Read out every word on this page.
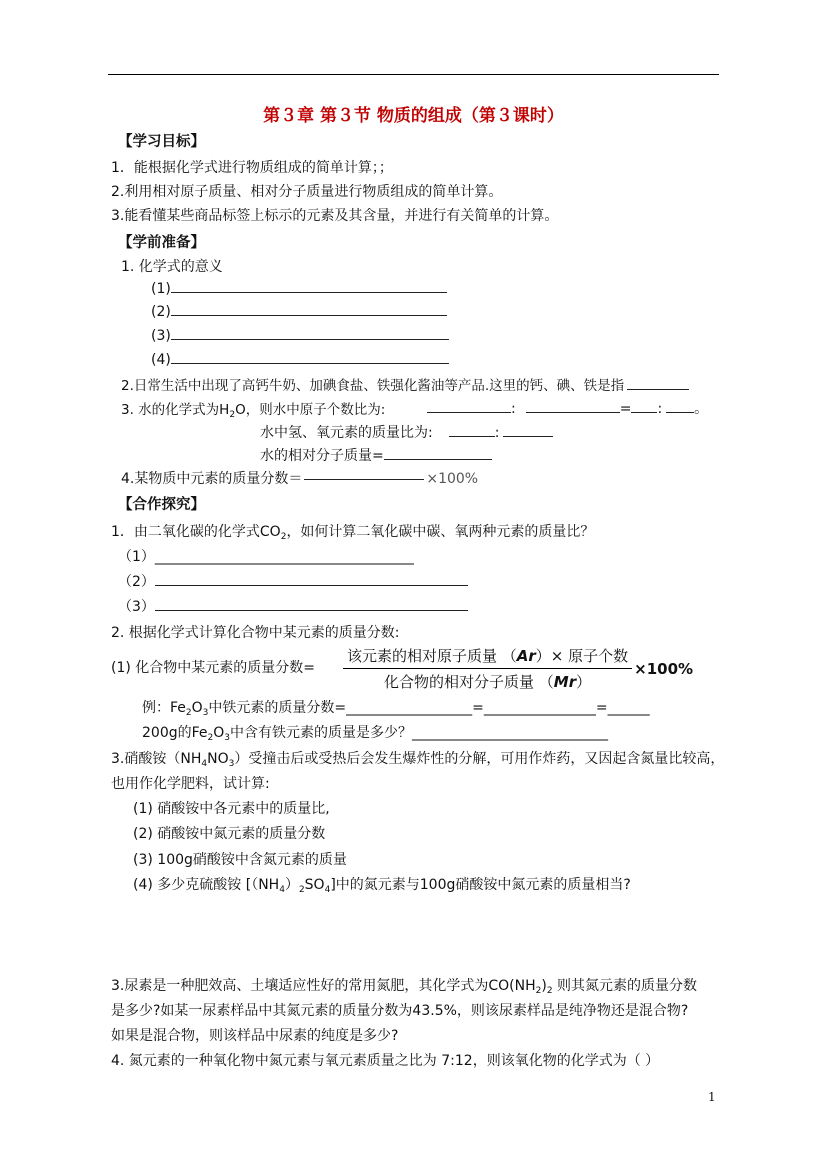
第３章 第３节 物质的组成（第３课时）
【学习目标】
1．能根据化学式进行物质组成的简单计算；；
2.利用相对原子质量、相对分子质量进行物质组成的简单计算。
3.能看懂某些商品标签上标示的元素及其含量，并进行有关简单的计算。
【学前准备】
1. 化学式的意义
(1)
(2)
(3)
(4)
2.日常生活中出现了高钙牛奶、加碘食盐、铁强化酱油等产品.这里的钙、碘、铁是指
3. 水的化学式为$H_2O$，则水中原子个数比为:	:	= : 。
水中氢、氧元素的质量比为:	:
水的相对分子质量=
4.某物质中元素的质量分数＝	×100%
【合作探究】
1．由二氧化碳的化学式$CO_2$，如何计算二氧化碳中碳、氧两种元素的质量比？
（1）_____________________________________
（2）
（3）
2. 根据化学式计算化合物中某元素的质量分数:
(1) 化合物中某元素的质量分数= $\frac{\text{该元素的相对原子质量 （Ar）× 原子个数}}{\text{化合物的相对分子质量 （Mr）}} \times 100\%$
例：$Fe_2O_3$中铁元素的质量分数=__________________=________________=______
200g的$Fe_2O_3$中含有铁元素的质量是多少？____________________________
3.硝酸铵$(NH_4NO_3)$受撞击后或受热后会发生爆炸性的分解，可用作炸药，又因起含氮量比较高，
也用作化学肥料，试计算:
(1) 硝酸铵中各元素中的质量比,
(2) 硝酸铵中氮元素的质量分数
(3) 100g硝酸铵中含氮元素的质量
(4) 多少克硫酸铵 $[(NH_4)_2SO_4]$中的氮元素与100g硝酸铵中氮元素的质量相当?
3.尿素是一种肥效高、土壤适应性好的常用氮肥，其化学式为$CO(NH_2)_2$ 则其氮元素的质量分数
是多少?如某一尿素样品中其氮元素的质量分数为43.5%，则该尿素样品是纯净物还是混合物?
如果是混合物，则该样品中尿素的纯度是多少?
4. 氮元素的一种氧化物中氮元素与氧元素质量之比为 7:12，则该氧化物的化学式为（ ）
1
